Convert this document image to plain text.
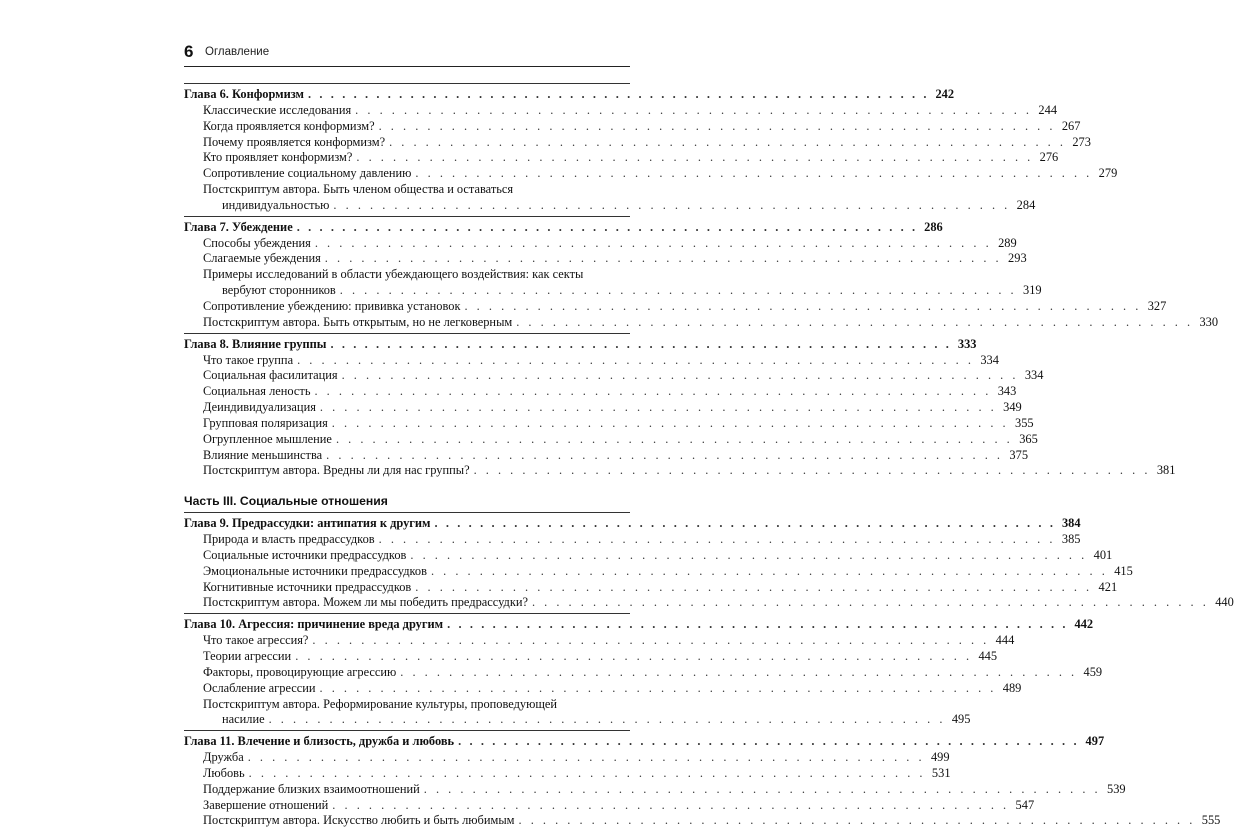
6 Оглавление
Глава 6. Конформизм . . . . . . . . . . . . . . . . . . . . . . . . . . . . . . . . . . . . . . . . . . . . . . . . . . . . . . . 242
Классические исследования . . . . . . . . . . . . . . . . . . . . . . . . . . . . . . . . . . . . . . . . . . . . . . . . . . . . . . . . 244
Когда проявляется конформизм? . . . . . . . . . . . . . . . . . . . . . . . . . . . . . . . . . . . . . . . . . . . . . . . . . . . . . . . . 267
Почему проявляется конформизм? . . . . . . . . . . . . . . . . . . . . . . . . . . . . . . . . . . . . . . . . . . . . . . . . . . . . . . . . 273
Кто проявляет конформизм? . . . . . . . . . . . . . . . . . . . . . . . . . . . . . . . . . . . . . . . . . . . . . . . . . . . . . . . . 276
Сопротивление социальному давлению . . . . . . . . . . . . . . . . . . . . . . . . . . . . . . . . . . . . . . . . . . . . . . . . . . . . . . . . 279
Постскриптум автора. Быть членом общества и оставаться
индивидуальностью . . . . . . . . . . . . . . . . . . . . . . . . . . . . . . . . . . . . . . . . . . . . . . . . . . . . . . . . 284
Глава 7. Убеждение . . . . . . . . . . . . . . . . . . . . . . . . . . . . . . . . . . . . . . . . . . . . . . . . . . . . . . . 286
Способы убеждения . . . . . . . . . . . . . . . . . . . . . . . . . . . . . . . . . . . . . . . . . . . . . . . . . . . . . . . . 289
Слагаемые убеждения . . . . . . . . . . . . . . . . . . . . . . . . . . . . . . . . . . . . . . . . . . . . . . . . . . . . . . . . 293
Примеры исследований в области убеждающего воздействия: как секты
вербуют сторонников . . . . . . . . . . . . . . . . . . . . . . . . . . . . . . . . . . . . . . . . . . . . . . . . . . . . . . . . 319
Сопротивление убеждению: прививка установок . . . . . . . . . . . . . . . . . . . . . . . . . . . . . . . . . . . . . . . . . . . . . . . . . . . . . . . . 327
Постскриптум автора. Быть открытым, но не легковерным . . . . . . . . . . . . . . . . . . . . . . . . . . . . . . . . . . . . . . . . . . . . . . . . . . . . . . . . 330
Глава 8. Влияние группы . . . . . . . . . . . . . . . . . . . . . . . . . . . . . . . . . . . . . . . . . . . . . . . . . . . . . . . 333
Что такое группа . . . . . . . . . . . . . . . . . . . . . . . . . . . . . . . . . . . . . . . . . . . . . . . . . . . . . . . . 334
Социальная фасилитация . . . . . . . . . . . . . . . . . . . . . . . . . . . . . . . . . . . . . . . . . . . . . . . . . . . . . . . . 334
Социальная леность . . . . . . . . . . . . . . . . . . . . . . . . . . . . . . . . . . . . . . . . . . . . . . . . . . . . . . . . 343
Деиндивидуализация . . . . . . . . . . . . . . . . . . . . . . . . . . . . . . . . . . . . . . . . . . . . . . . . . . . . . . . . 349
Групповая поляризация . . . . . . . . . . . . . . . . . . . . . . . . . . . . . . . . . . . . . . . . . . . . . . . . . . . . . . . . 355
Огрупленное мышление . . . . . . . . . . . . . . . . . . . . . . . . . . . . . . . . . . . . . . . . . . . . . . . . . . . . . . . . 365
Влияние меньшинства . . . . . . . . . . . . . . . . . . . . . . . . . . . . . . . . . . . . . . . . . . . . . . . . . . . . . . . . 375
Постскриптум автора. Вредны ли для нас группы? . . . . . . . . . . . . . . . . . . . . . . . . . . . . . . . . . . . . . . . . . . . . . . . . . . . . . . . . 381
Часть III. Социальные отношения
Глава 9. Предрассудки: антипатия к другим . . . . . . . . . . . . . . . . . . . . . . . . . . . . . . . . . . . . . . . . . . . . . . . . . . . . . . . 384
Природа и власть предрассудков . . . . . . . . . . . . . . . . . . . . . . . . . . . . . . . . . . . . . . . . . . . . . . . . . . . . . . . . 385
Социальные источники предрассудков . . . . . . . . . . . . . . . . . . . . . . . . . . . . . . . . . . . . . . . . . . . . . . . . . . . . . . . . 401
Эмоциональные источники предрассудков . . . . . . . . . . . . . . . . . . . . . . . . . . . . . . . . . . . . . . . . . . . . . . . . . . . . . . . . 415
Когнитивные источники предрассудков . . . . . . . . . . . . . . . . . . . . . . . . . . . . . . . . . . . . . . . . . . . . . . . . . . . . . . . . 421
Постскриптум автора. Можем ли мы победить предрассудки? . . . . . . . . . . . . . . . . . . . . . . . . . . . . . . . . . . . . . . . . . . . . . . . . . . . . . . . . 440
Глава 10. Агрессия: причинение вреда другим . . . . . . . . . . . . . . . . . . . . . . . . . . . . . . . . . . . . . . . . . . . . . . . . . . . . . . . 442
Что такое агрессия? . . . . . . . . . . . . . . . . . . . . . . . . . . . . . . . . . . . . . . . . . . . . . . . . . . . . . . . . 444
Теории агрессии . . . . . . . . . . . . . . . . . . . . . . . . . . . . . . . . . . . . . . . . . . . . . . . . . . . . . . . . 445
Факторы, провоцирующие агрессию . . . . . . . . . . . . . . . . . . . . . . . . . . . . . . . . . . . . . . . . . . . . . . . . . . . . . . . . 459
Ослабление агрессии . . . . . . . . . . . . . . . . . . . . . . . . . . . . . . . . . . . . . . . . . . . . . . . . . . . . . . . . 489
Постскриптум автора. Реформирование культуры, проповедующей
насилие . . . . . . . . . . . . . . . . . . . . . . . . . . . . . . . . . . . . . . . . . . . . . . . . . . . . . . . . 495
Глава 11. Влечение и близость, дружба и любовь . . . . . . . . . . . . . . . . . . . . . . . . . . . . . . . . . . . . . . . . . . . . . . . . . . . . . . . 497
Дружба . . . . . . . . . . . . . . . . . . . . . . . . . . . . . . . . . . . . . . . . . . . . . . . . . . . . . . . . 499
Любовь . . . . . . . . . . . . . . . . . . . . . . . . . . . . . . . . . . . . . . . . . . . . . . . . . . . . . . . . 531
Поддержание близких взаимоотношений . . . . . . . . . . . . . . . . . . . . . . . . . . . . . . . . . . . . . . . . . . . . . . . . . . . . . . . . 539
Завершение отношений . . . . . . . . . . . . . . . . . . . . . . . . . . . . . . . . . . . . . . . . . . . . . . . . . . . . . . . . 547
Постскриптум автора. Искусство любить и быть любимым . . . . . . . . . . . . . . . . . . . . . . . . . . . . . . . . . . . . . . . . . . . . . . . . . . . . . . . . 555
